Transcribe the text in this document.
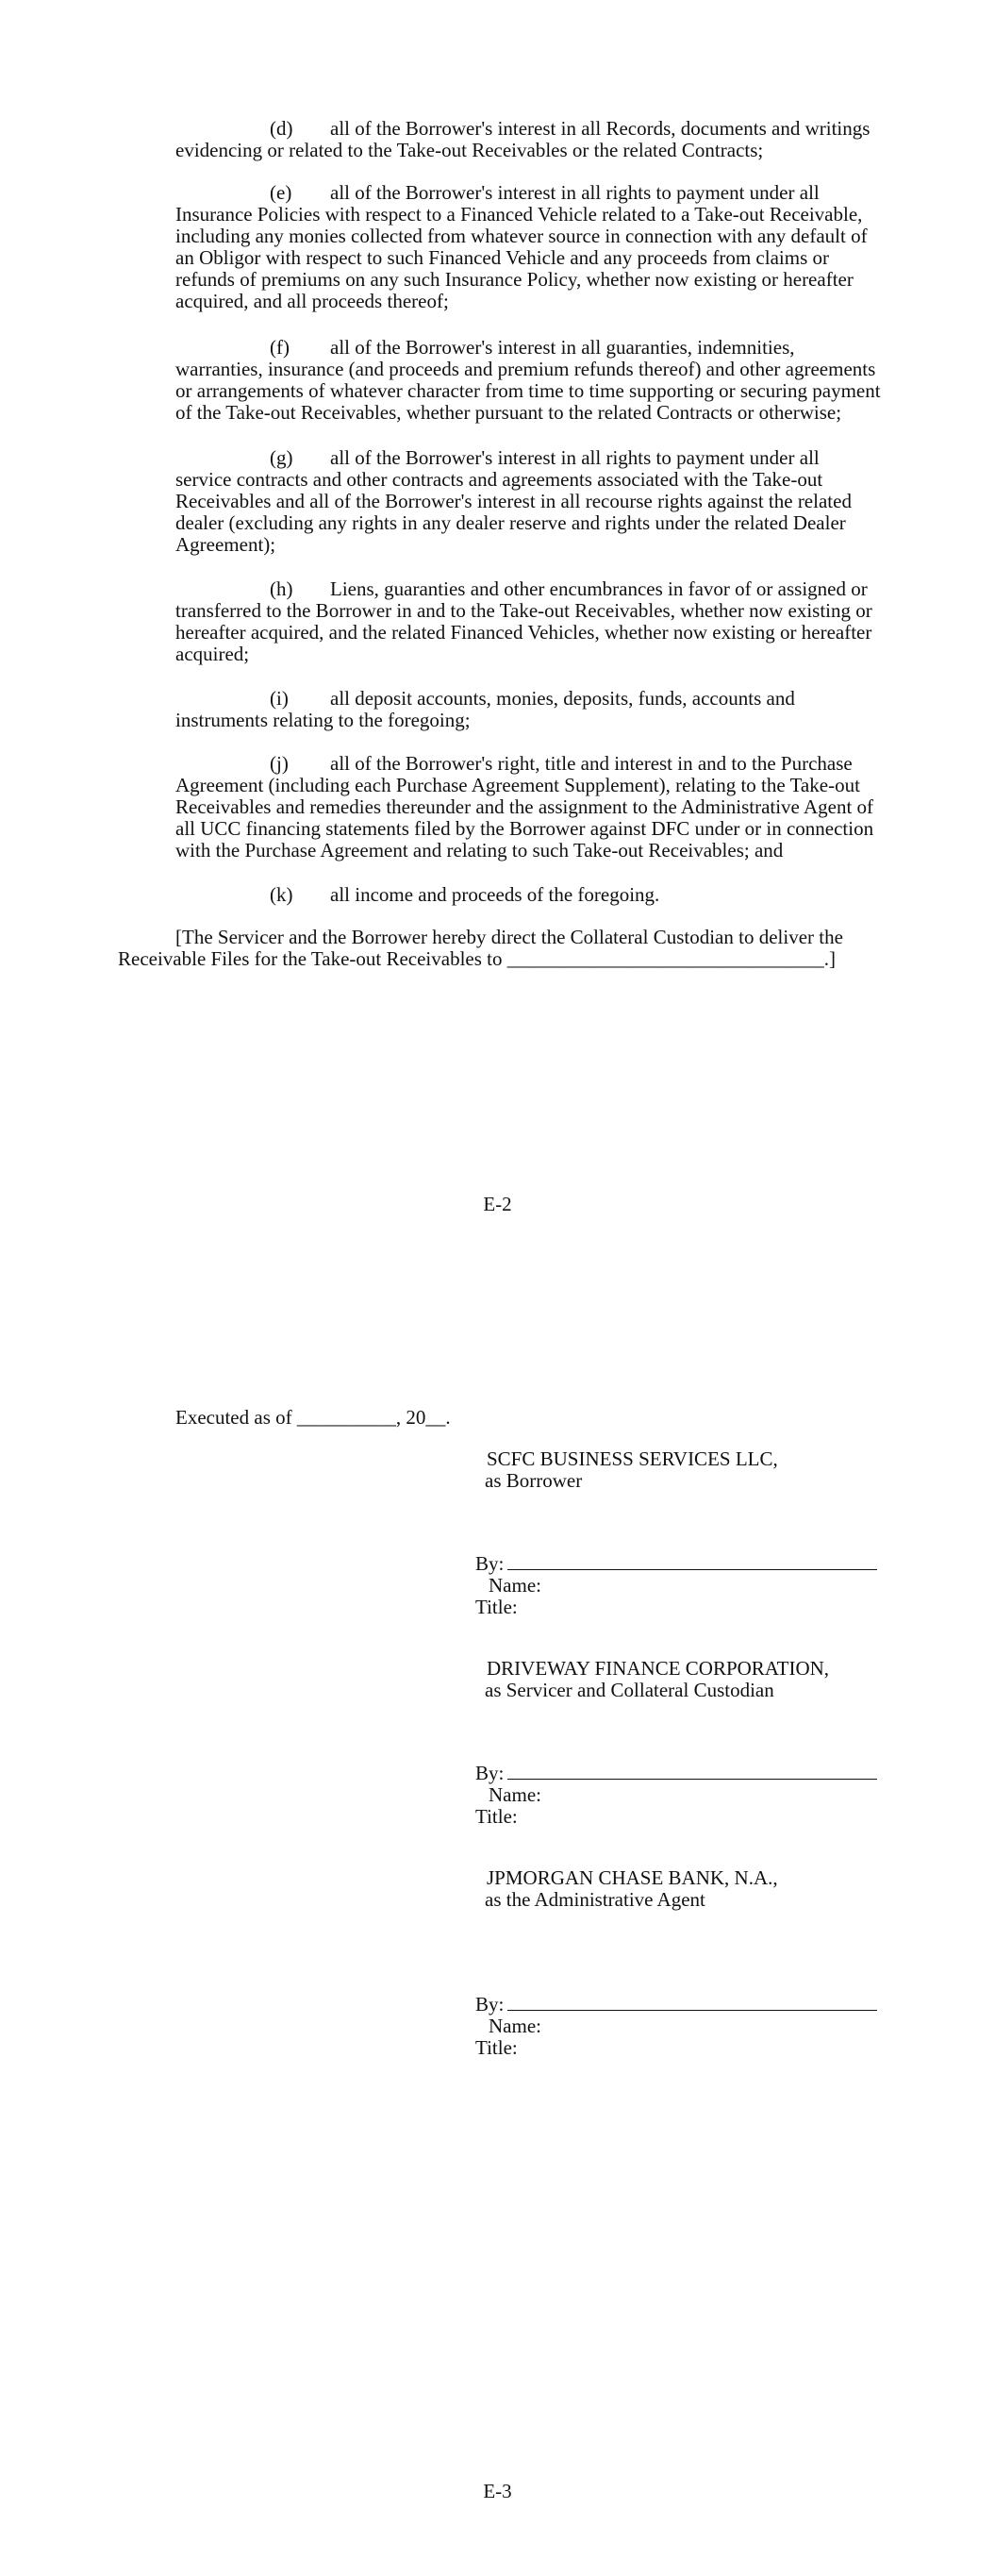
(d) all of the Borrower's interest in all Records, documents and writings
evidencing or related to the Take-out Receivables or the related Contracts;
(e) all of the Borrower's interest in all rights to payment under all
Insurance Policies with respect to a Financed Vehicle related to a Take-out Receivable, including any monies collected from whatever source in connection with any default of an Obligor with respect to such Financed Vehicle and any proceeds from claims or refunds of premiums on any such Insurance Policy, whether now existing or hereafter acquired, and all proceeds thereof;
(f) all of the Borrower's interest in all guaranties, indemnities,
warranties, insurance (and proceeds and premium refunds thereof) and other agreements or arrangements of whatever character from time to time supporting or securing payment of the Take-out Receivables, whether pursuant to the related Contracts or otherwise;
(g) all of the Borrower's interest in all rights to payment under all
service contracts and other contracts and agreements associated with the Take-out Receivables and all of the Borrower's interest in all recourse rights against the related dealer (excluding any rights in any dealer reserve and rights under the related Dealer Agreement);
(h) Liens, guaranties and other encumbrances in favor of or assigned or
transferred to the Borrower in and to the Take-out Receivables, whether now existing or hereafter acquired, and the related Financed Vehicles, whether now existing or hereafter acquired;
(i) all deposit accounts, monies, deposits, funds, accounts and
instruments relating to the foregoing;
(j) all of the Borrower's right, title and interest in and to the Purchase
Agreement (including each Purchase Agreement Supplement), relating to the Take-out Receivables and remedies thereunder and the assignment to the Administrative Agent of all UCC financing statements filed by the Borrower against DFC under or in connection with the Purchase Agreement and relating to such Take-out Receivables; and
(k) all income and proceeds of the foregoing.
[The Servicer and the Borrower hereby direct the Collateral Custodian to deliver the
Receivable Files for the Take-out Receivables to ________________________________.]

E-2

Executed as of __________, 20__.

SCFC BUSINESS SERVICES LLC,
as Borrower
By:
Name:
Title:
DRIVEWAY FINANCE CORPORATION,
as Servicer and Collateral Custodian
By:
Name:
Title:
JPMORGAN CHASE BANK, N.A.,
as the Administrative Agent
By:
Name:
Title:

E-3
